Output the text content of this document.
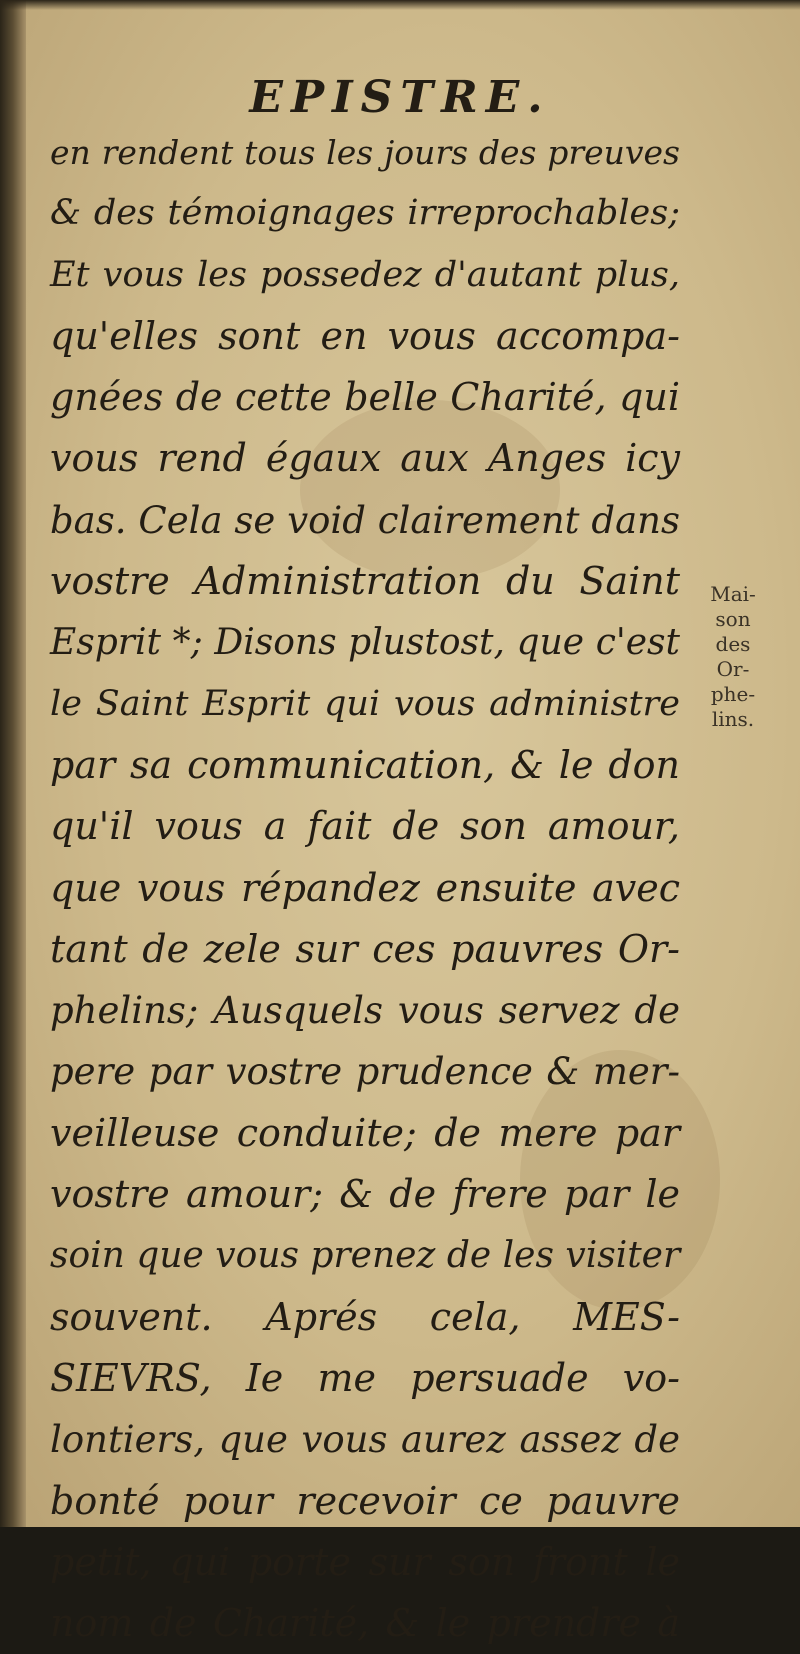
EPISTRE.
en rendent tous les jours des preuves
& des témoignages irreprochables;
Et vous les possedez d'autant plus,
qu'elles sont en vous accompa-
gnées de cette belle Charité, qui
vous rend égaux aux Anges icy
bas. Cela se void clairement dans
vostre Administration du Saint
Esprit *; Disons plustost, que c'est
le Saint Esprit qui vous administre
par sa communication, & le don
qu'il vous a fait de son amour,
que vous répandez ensuite avec
tant de zele sur ces pauvres Or-
phelins; Ausquels vous servez de
pere par vostre prudence & mer-
veilleuse conduite; de mere par
vostre amour; & de frere par le
soin que vous prenez de les visiter
souvent. Aprés cela, MES-
SIEVRS, Ie me persuade vo-
lontiers, que vous aurez assez de
bonté pour recevoir ce pauvre
petit, qui porte sur son front le
nom de Charité, & le prendre à
Mai-
son
des
Or-
phe-
lins.
